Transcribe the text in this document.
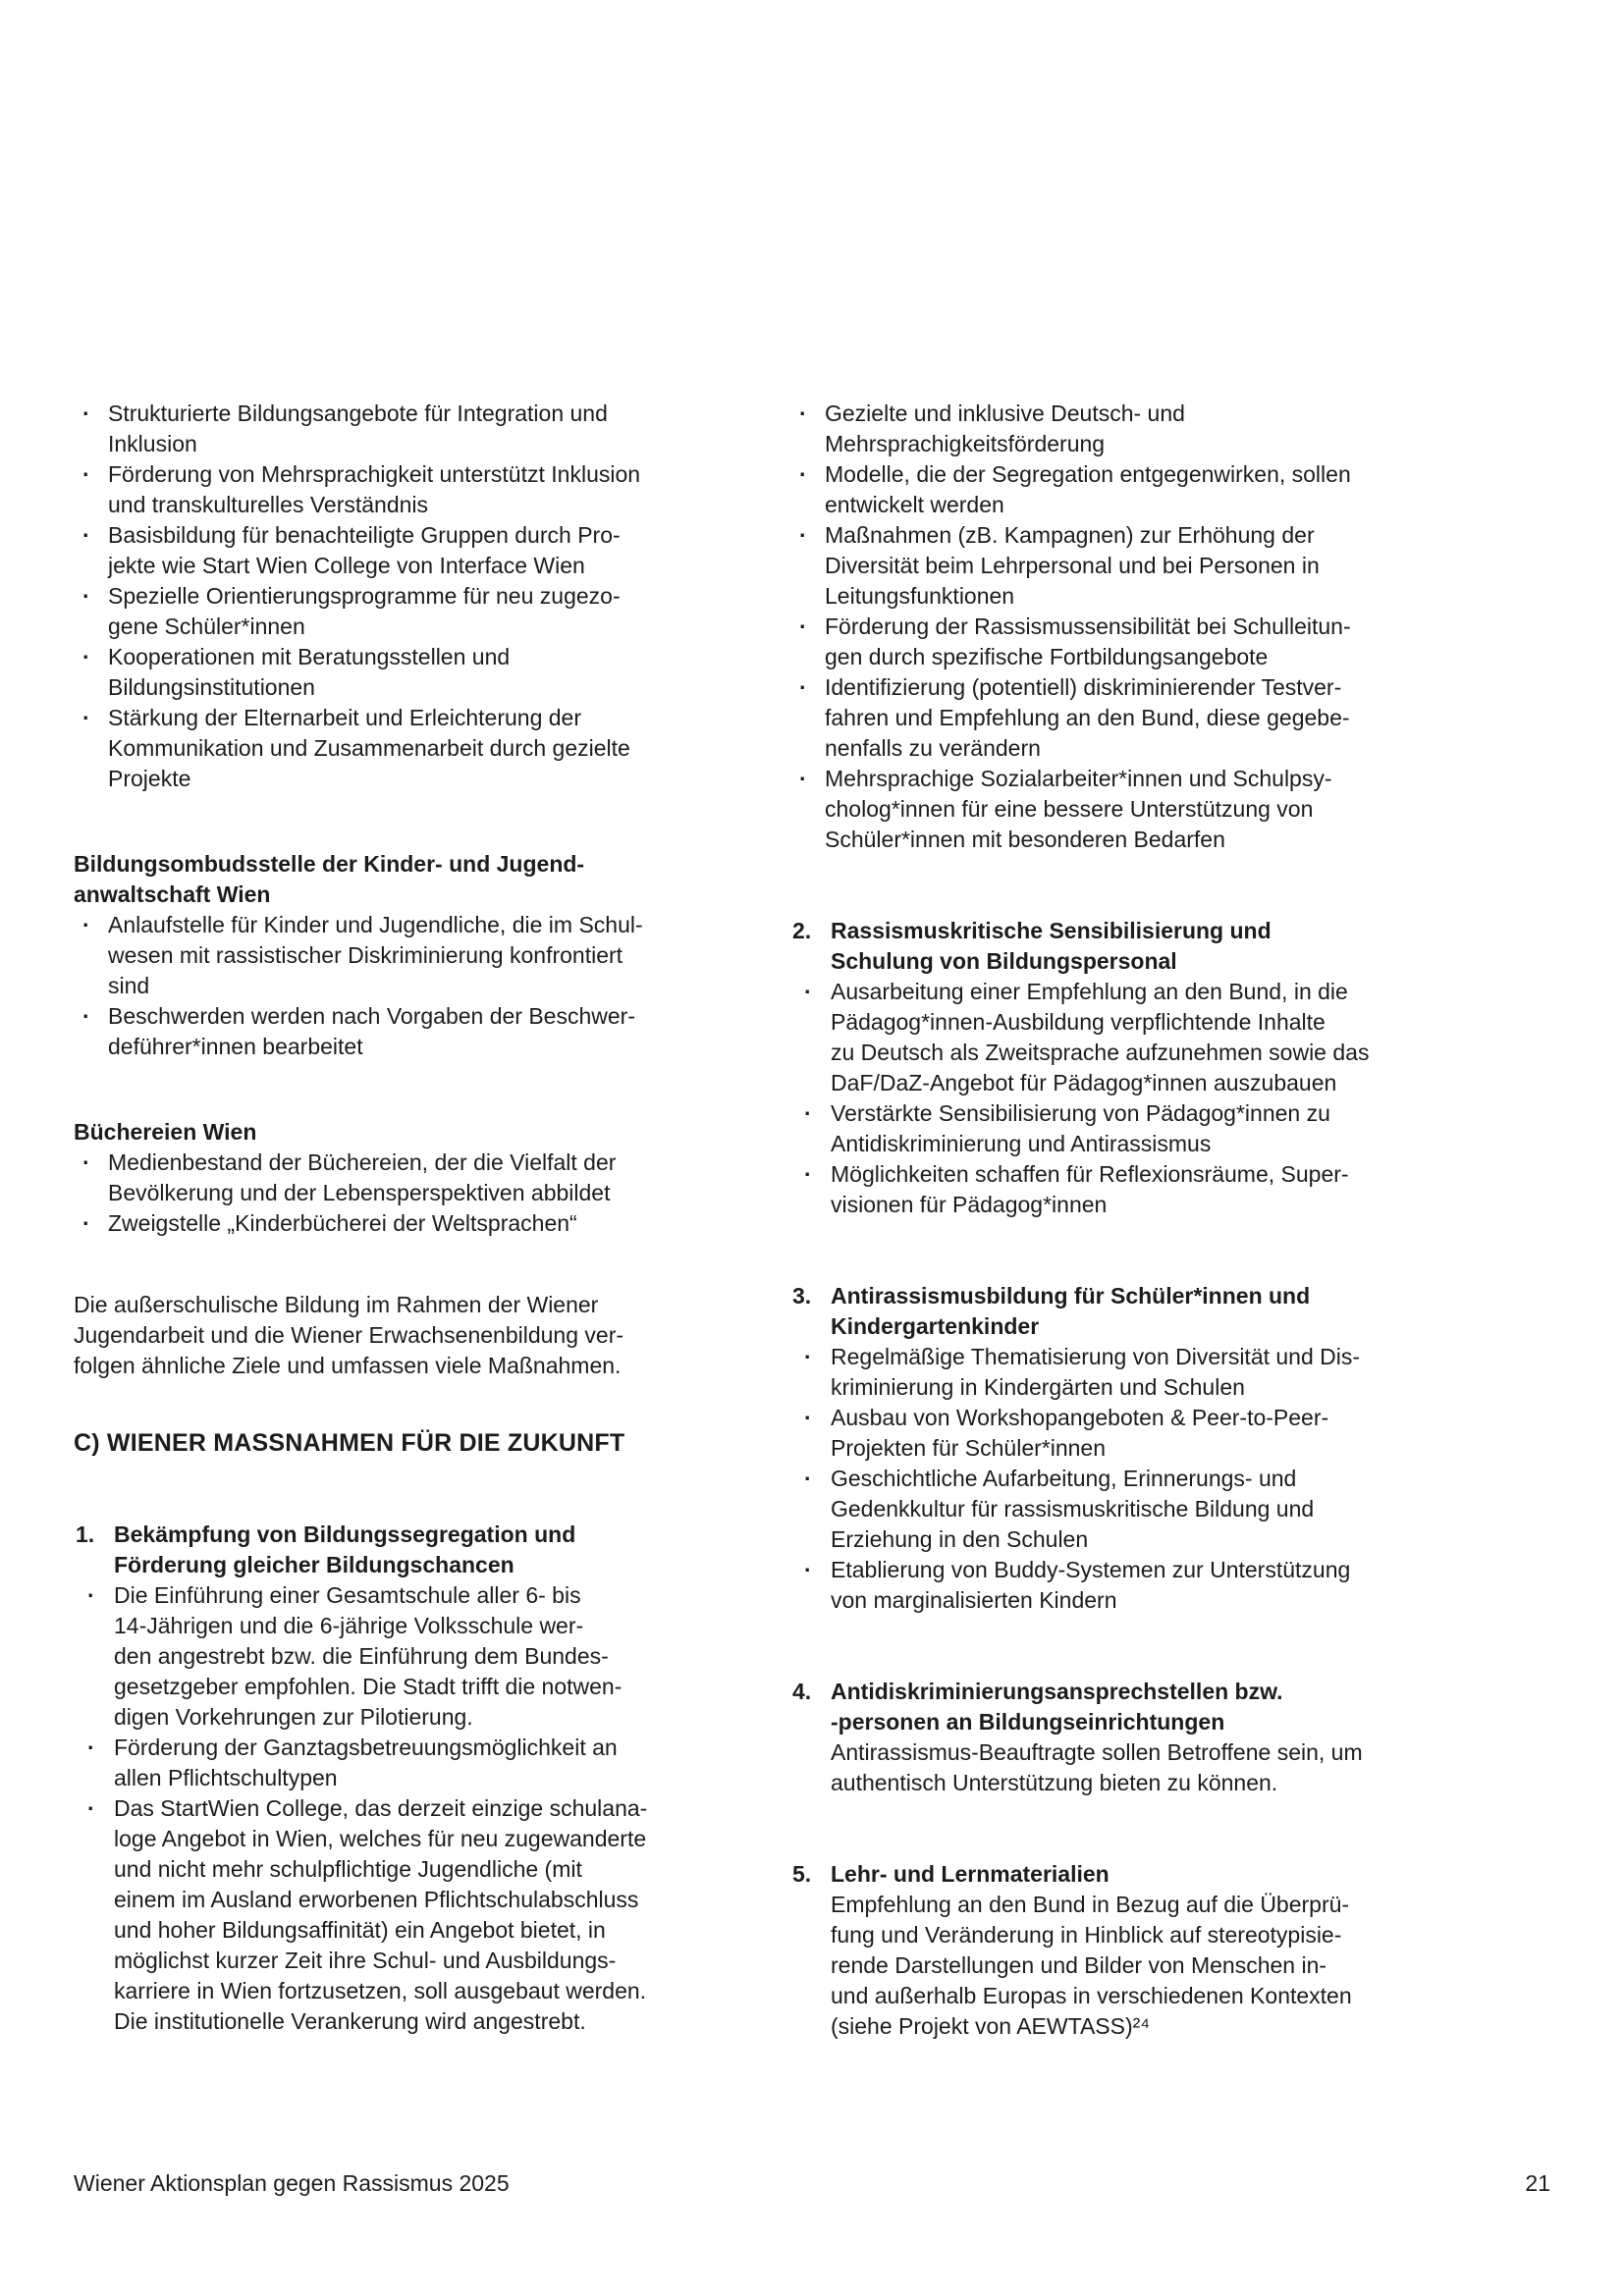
· Strukturierte Bildungsangebote für Integration und
Inklusion
· Förderung von Mehrsprachigkeit unterstützt Inklusion
und transkulturelles Verständnis
· Basisbildung für benachteiligte Gruppen durch Pro-
jekte wie Start Wien College von Interface Wien
· Spezielle Orientierungsprogramme für neu zugezo-
gene Schüler*innen
· Kooperationen mit Beratungsstellen und
Bildungsinstitutionen
· Stärkung der Elternarbeit und Erleichterung der
Kommunikation und Zusammenarbeit durch gezielte
Projekte
Bildungsombudsstelle der Kinder- und Jugend-
anwaltschaft Wien
· Anlaufstelle für Kinder und Jugendliche, die im Schul-
wesen mit rassistischer Diskriminierung konfrontiert
sind
· Beschwerden werden nach Vorgaben der Beschwer-
deführer*innen bearbeitet
Büchereien Wien
· Medienbestand der Büchereien, der die Vielfalt der
Bevölkerung und der Lebensperspektiven abbildet
· Zweigstelle „Kinderbücherei der Weltsprachen“
Die außerschulische Bildung im Rahmen der Wiener
Jugendarbeit und die Wiener Erwachsenenbildung ver-
folgen ähnliche Ziele und umfassen viele Maßnahmen.
C) WIENER MASSNAHMEN FÜR DIE ZUKUNFT
1. Bekämpfung von Bildungssegregation und
Förderung gleicher Bildungschancen
· Die Einführung einer Gesamtschule aller 6- bis
14-Jährigen und die 6-jährige Volksschule wer-
den angestrebt bzw. die Einführung dem Bundes-
gesetzgeber empfohlen. Die Stadt trifft die notwen-
digen Vorkehrungen zur Pilotierung.
· Förderung der Ganztagsbetreuungsmöglichkeit an
allen Pflichtschultypen
· Das StartWien College, das derzeit einzige schulana-
loge Angebot in Wien, welches für neu zugewanderte
und nicht mehr schulpflichtige Jugendliche (mit
einem im Ausland erworbenen Pflichtschulabschluss
und hoher Bildungsaffinität) ein Angebot bietet, in
möglichst kurzer Zeit ihre Schul- und Ausbildungs-
karriere in Wien fortzusetzen, soll ausgebaut werden.
Die institutionelle Verankerung wird angestrebt.
· Gezielte und inklusive Deutsch- und
Mehrsprachigkeitsförderung
· Modelle, die der Segregation entgegenwirken, sollen
entwickelt werden
· Maßnahmen (zB. Kampagnen) zur Erhöhung der
Diversität beim Lehrpersonal und bei Personen in
Leitungsfunktionen
· Förderung der Rassismussensibilität bei Schulleitun-
gen durch spezifische Fortbildungsangebote
· Identifizierung (potentiell) diskriminierender Testver-
fahren und Empfehlung an den Bund, diese gegebe-
nenfalls zu verändern
· Mehrsprachige Sozialarbeiter*innen und Schulpsy-
cholog*innen für eine bessere Unterstützung von
Schüler*innen mit besonderen Bedarfen
2. Rassismuskritische Sensibilisierung und
Schulung von Bildungspersonal
· Ausarbeitung einer Empfehlung an den Bund, in die
Pädagog*innen-Ausbildung verpflichtende Inhalte
zu Deutsch als Zweitsprache aufzunehmen sowie das
DaF/DaZ-Angebot für Pädagog*innen auszubauen
· Verstärkte Sensibilisierung von Pädagog*innen zu
Antidiskriminierung und Antirassismus
· Möglichkeiten schaffen für Reflexionsräume, Super-
visionen für Pädagog*innen
3. Antirassismusbildung für Schüler*innen und
Kindergartenkinder
· Regelmäßige Thematisierung von Diversität und Dis-
kriminierung in Kindergärten und Schulen
· Ausbau von Workshopangeboten & Peer-to-Peer-
Projekten für Schüler*innen
· Geschichtliche Aufarbeitung, Erinnerungs- und
Gedenkkultur für rassismuskritische Bildung und
Erziehung in den Schulen
· Etablierung von Buddy-Systemen zur Unterstützung
von marginalisierten Kindern
4. Antidiskriminierungsansprechstellen bzw.
-personen an Bildungseinrichtungen
Antirassismus-Beauftragte sollen Betroffene sein, um
authentisch Unterstützung bieten zu können.
5. Lehr- und Lernmaterialien
Empfehlung an den Bund in Bezug auf die Überprü-
fung und Veränderung in Hinblick auf stereotypisie-
rende Darstellungen und Bilder von Menschen in-
und außerhalb Europas in verschiedenen Kontexten
(siehe Projekt von AEWTASS)²⁴
Wiener Aktionsplan gegen Rassismus 2025	21
